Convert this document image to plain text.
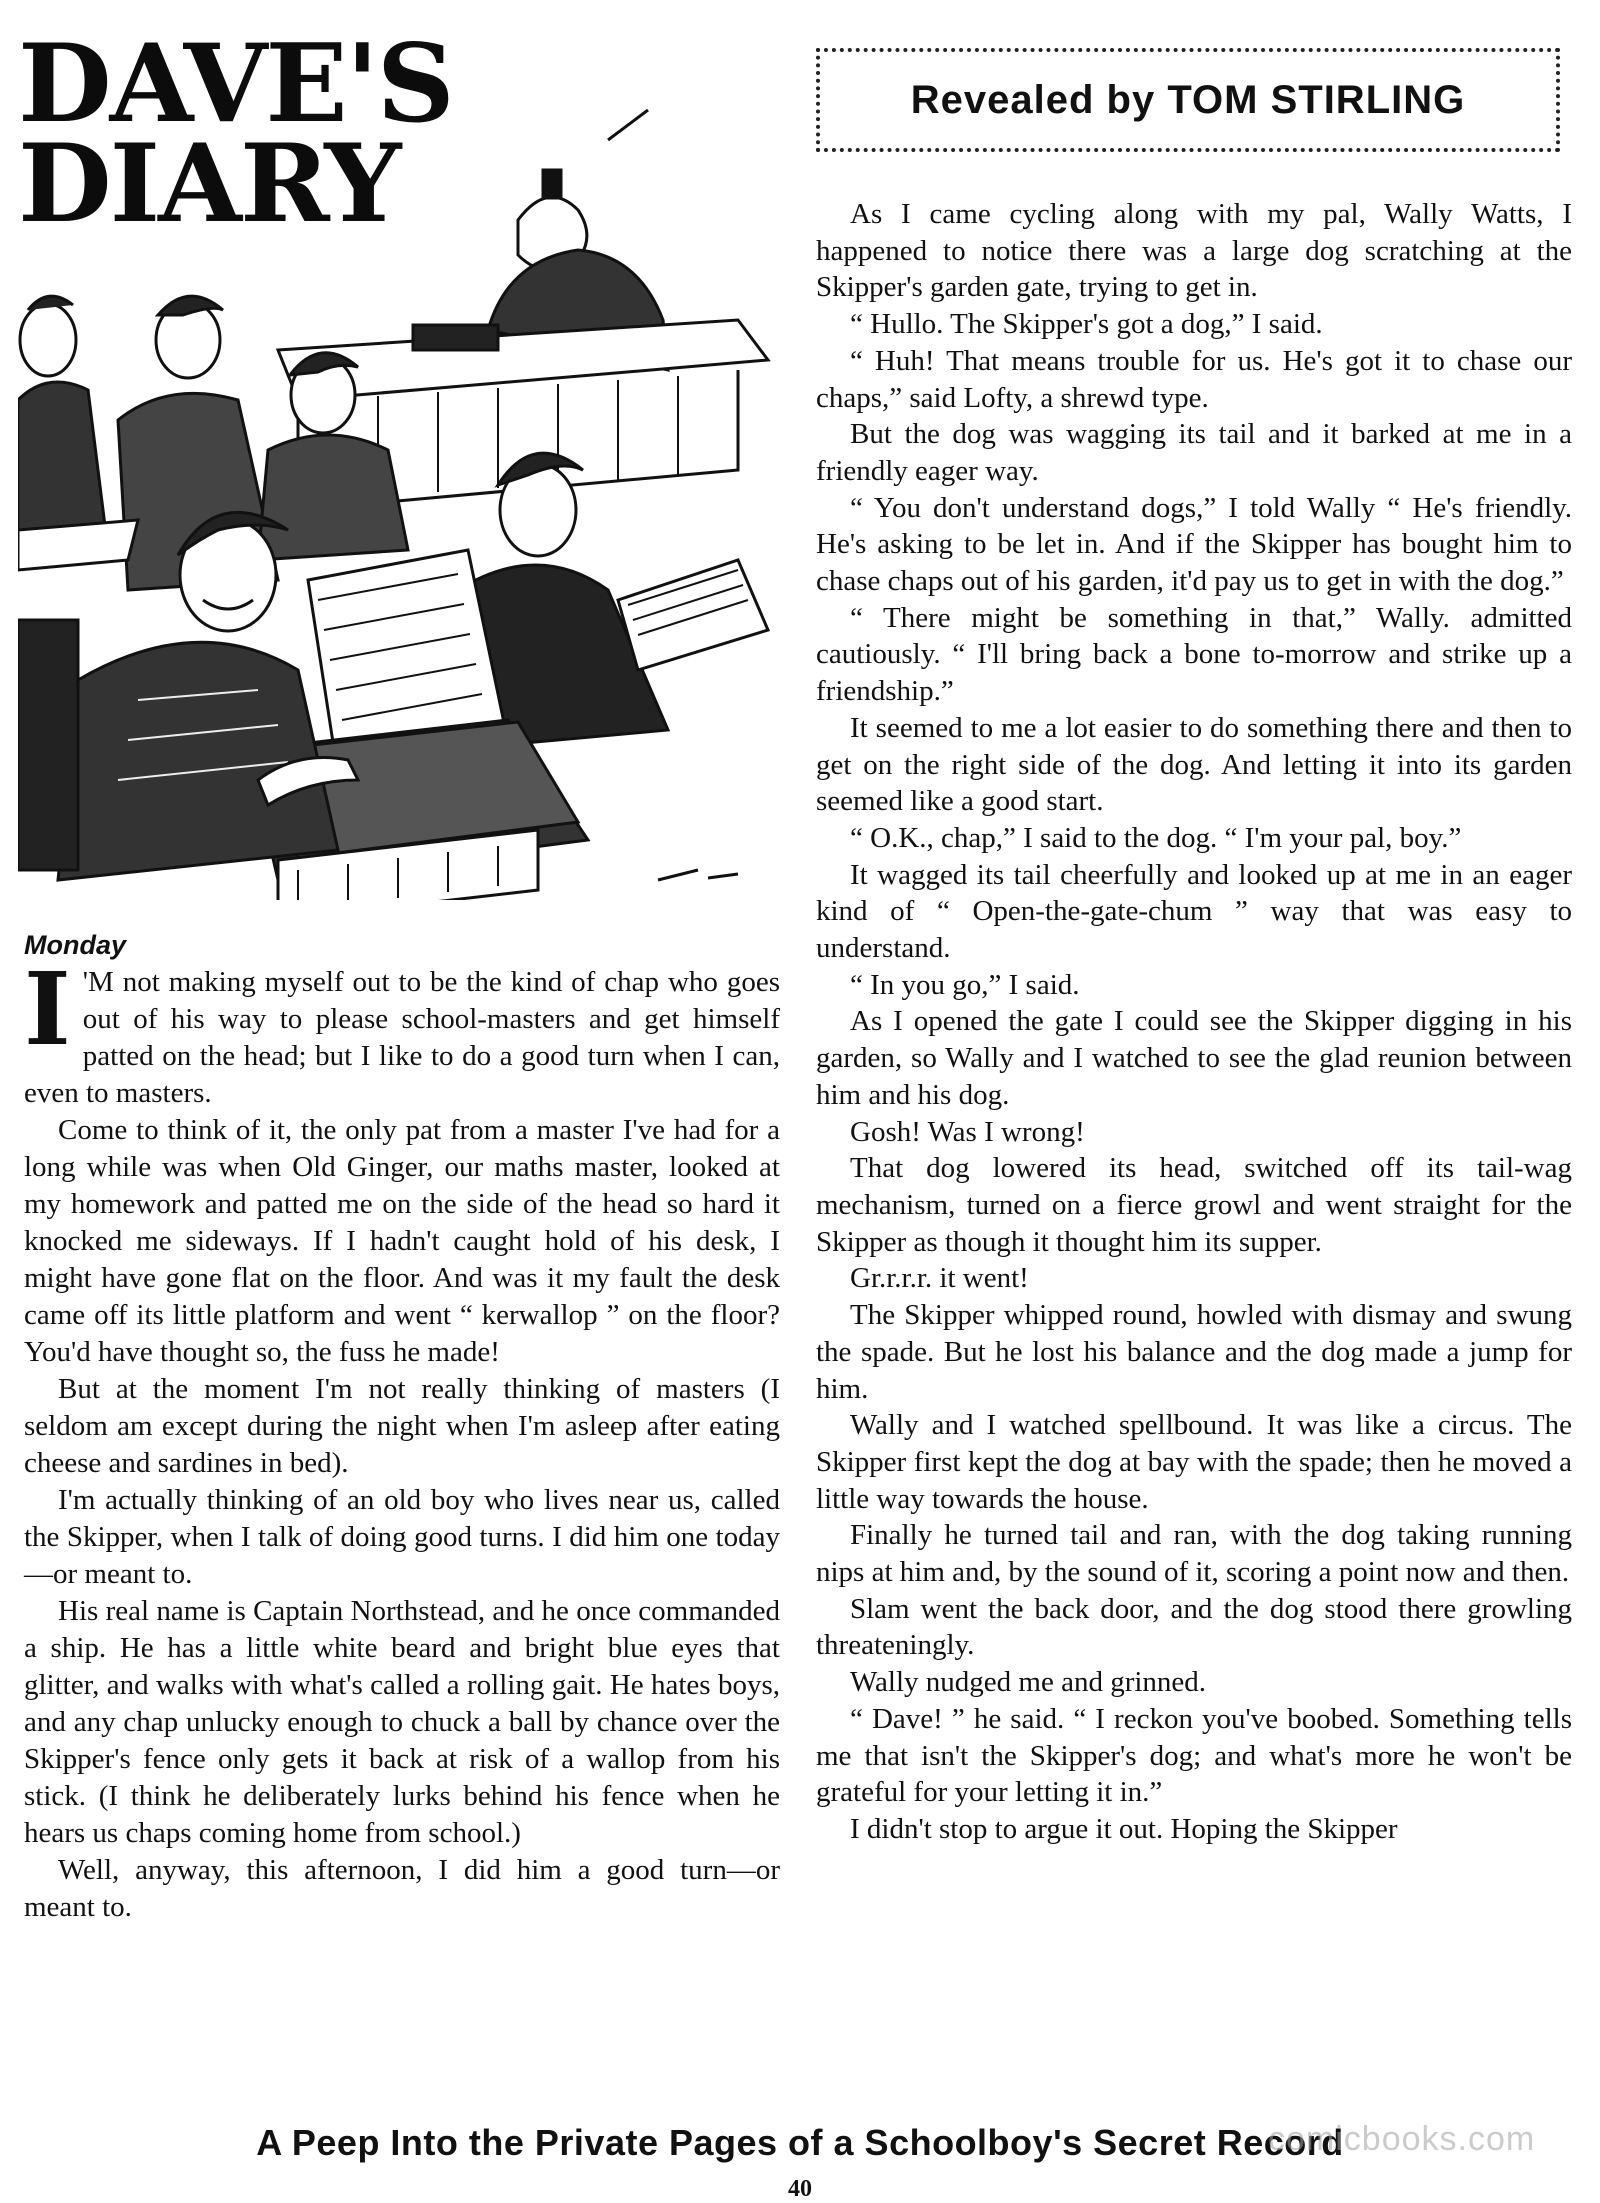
DAVE'S
DIARY
Monday

I 'M not making myself out to be the kind of chap who goes out of his way to please school-masters and get himself patted on the head; but I like to do a good turn when I can, even to masters.

Come to think of it, the only pat from a master I've had for a long while was when Old Ginger, our maths master, looked at my homework and patted me on the side of the head so hard it knocked me sideways. If I hadn't caught hold of his desk, I might have gone flat on the floor. And was it my fault the desk came off its little platform and went “ kerwallop ” on the floor? You'd have thought so, the fuss he made!

But at the moment I'm not really thinking of masters (I seldom am except during the night when I'm asleep after eating cheese and sardines in bed).

I'm actually thinking of an old boy who lives near us, called the Skipper, when I talk of doing good turns. I did him one today—or meant to.

His real name is Captain Northstead, and he once commanded a ship. He has a little white beard and bright blue eyes that glitter, and walks with what's called a rolling gait. He hates boys, and any chap unlucky enough to chuck a ball by chance over the Skipper's fence only gets it back at risk of a wallop from his stick. (I think he deliberately lurks behind his fence when he hears us chaps coming home from school.)

Well, anyway, this afternoon, I did him a good turn—or meant to.

Revealed by TOM STIRLING

As I came cycling along with my pal, Wally Watts, I happened to notice there was a large dog scratching at the Skipper's garden gate, trying to get in.

“ Hullo. The Skipper's got a dog,” I said.

“ Huh! That means trouble for us. He's got it to chase our chaps,” said Lofty, a shrewd type.

But the dog was wagging its tail and it barked at me in a friendly eager way.

“ You don't understand dogs,” I told Wally “ He's friendly. He's asking to be let in. And if the Skipper has bought him to chase chaps out of his garden, it'd pay us to get in with the dog.”

“ There might be something in that,” Wally. admitted cautiously. “ I'll bring back a bone to-morrow and strike up a friendship.”

It seemed to me a lot easier to do something there and then to get on the right side of the dog. And letting it into its garden seemed like a good start.

“ O.K., chap,” I said to the dog. “ I'm your pal, boy.”

It wagged its tail cheerfully and looked up at me in an eager kind of “ Open-the-gate-chum ” way that was easy to understand.

“ In you go,” I said.

As I opened the gate I could see the Skipper digging in his garden, so Wally and I watched to see the glad reunion between him and his dog.

Gosh! Was I wrong!

That dog lowered its head, switched off its tail-wag mechanism, turned on a fierce growl and went straight for the Skipper as though it thought him its supper.

Gr.r.r.r. it went!

The Skipper whipped round, howled with dismay and swung the spade. But he lost his balance and the dog made a jump for him.

Wally and I watched spellbound. It was like a circus. The Skipper first kept the dog at bay with the spade; then he moved a little way towards the house.

Finally he turned tail and ran, with the dog taking running nips at him and, by the sound of it, scoring a point now and then.

Slam went the back door, and the dog stood there growling threateningly.

Wally nudged me and grinned.

“ Dave! ” he said. “ I reckon you've boobed. Something tells me that isn't the Skipper's dog; and what's more he won't be grateful for your letting it in.”

I didn't stop to argue it out. Hoping the Skipper

A Peep Into the Private Pages of a Schoolboy's Secret Record
comicbooks.com
40
